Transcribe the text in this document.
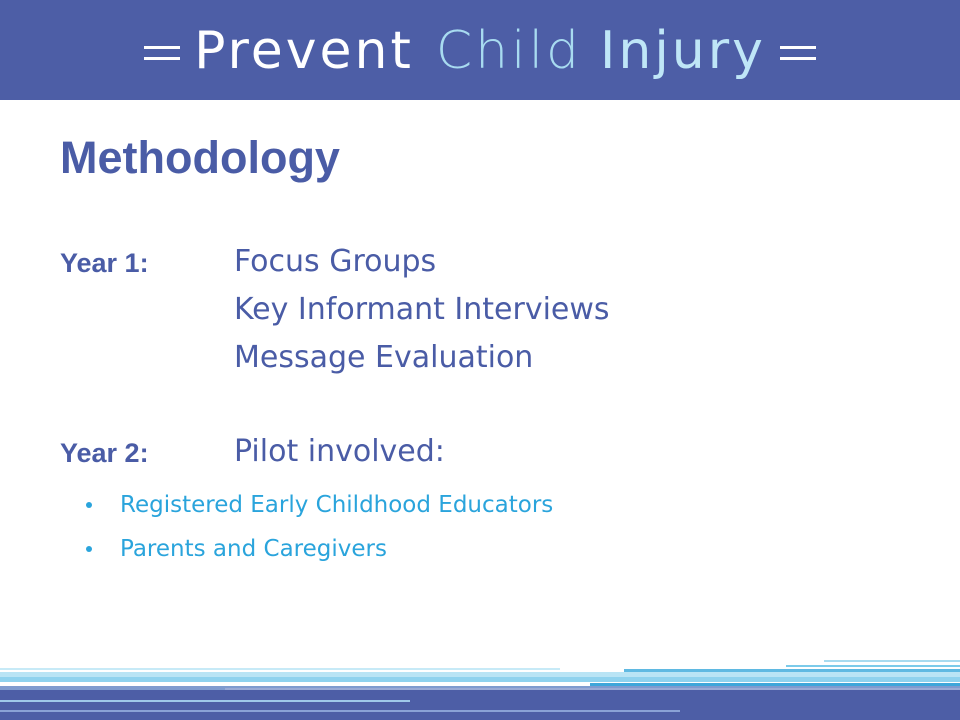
Prevent Child Injury
Methodology
Year 1:	Focus Groups
Key Informant Interviews
Message Evaluation
Year 2:	Pilot involved:
Registered Early Childhood Educators
Parents and Caregivers
